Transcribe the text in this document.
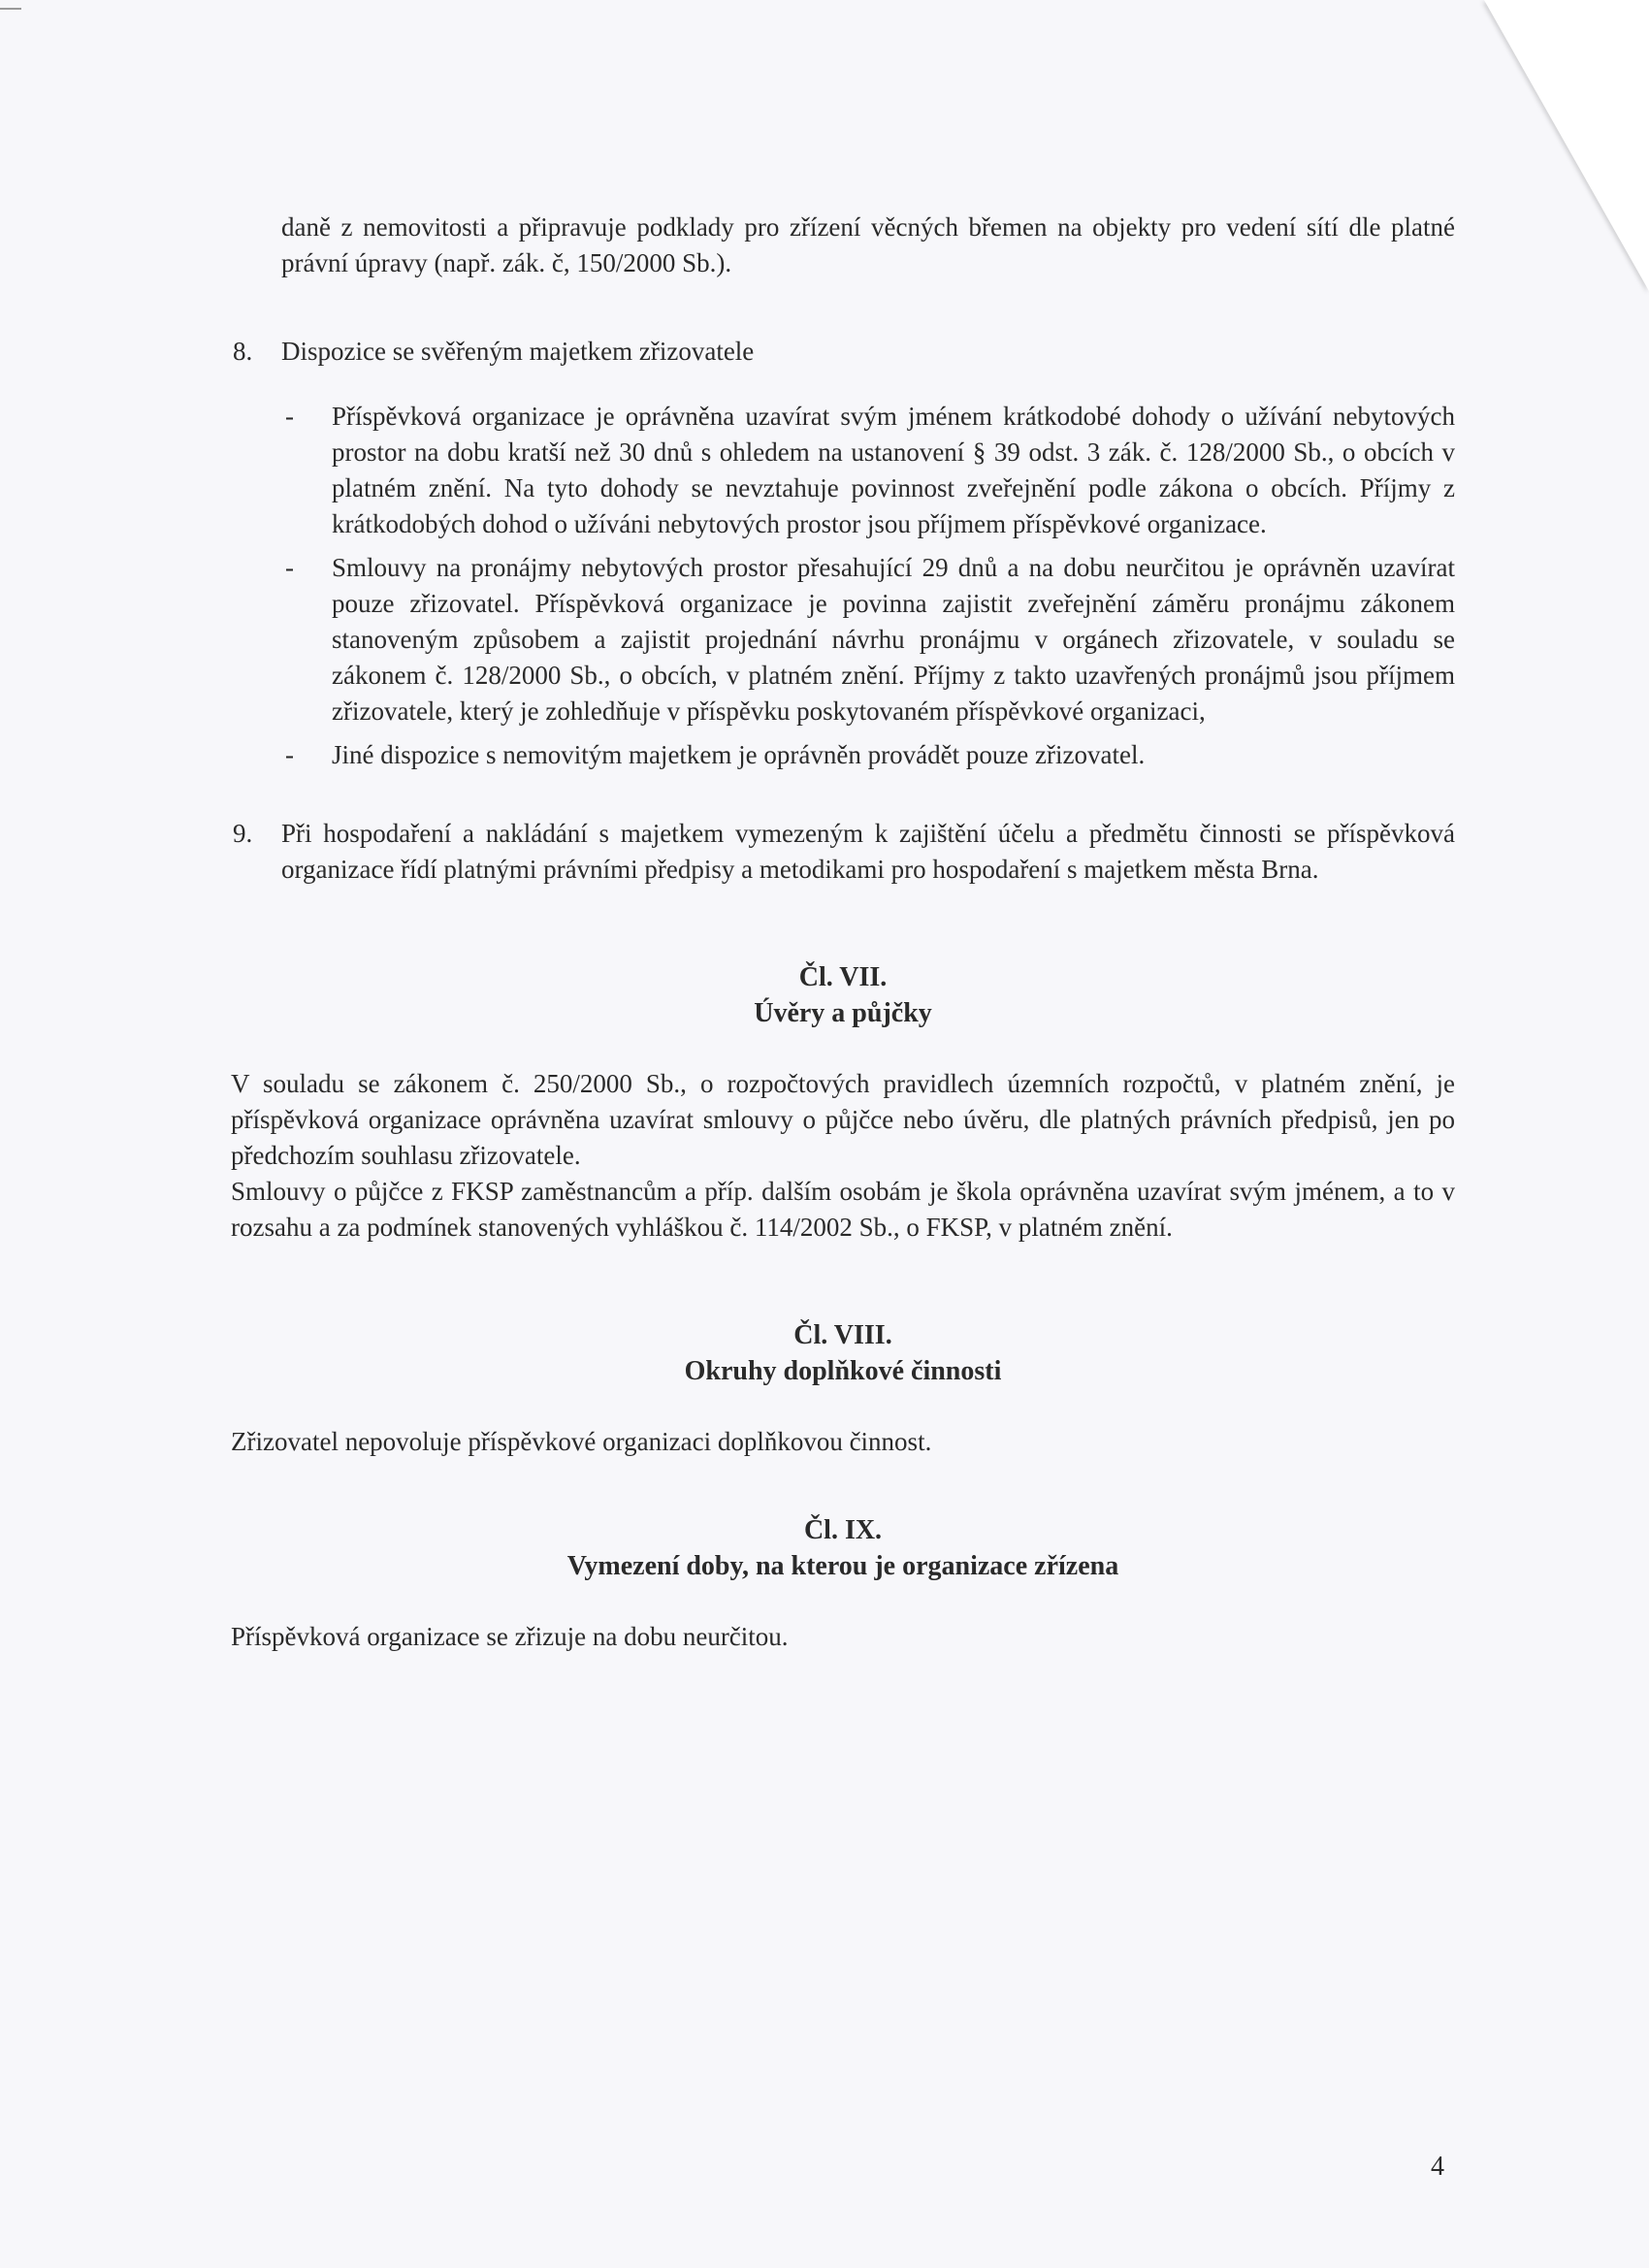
daně z nemovitosti a připravuje podklady pro zřízení věcných břemen na objekty pro vedení sítí dle platné právní úpravy (např. zák. č, 150/2000 Sb.).

8. Dispozice se svěřeným majetkem zřizovatele

- Příspěvková organizace je oprávněna uzavírat svým jménem krátkodobé dohody o užívání nebytových prostor na dobu kratší než 30 dnů s ohledem na ustanovení § 39 odst. 3 zák. č. 128/2000 Sb., o obcích v platném znění. Na tyto dohody se nevztahuje povinnost zveřejnění podle zákona o obcích. Příjmy z krátkodobých dohod o užíváni nebytových prostor jsou příjmem příspěvkové organizace.
- Smlouvy na pronájmy nebytových prostor přesahující 29 dnů a na dobu neurčitou je oprávněn uzavírat pouze zřizovatel. Příspěvková organizace je povinna zajistit zveřejnění záměru pronájmu zákonem stanoveným způsobem a zajistit projednání návrhu pronájmu v orgánech zřizovatele, v souladu se zákonem č. 128/2000 Sb., o obcích, v platném znění. Příjmy z takto uzavřených pronájmů jsou příjmem zřizovatele, který je zohledňuje v příspěvku poskytovaném příspěvkové organizaci,
- Jiné dispozice s nemovitým majetkem je oprávněn provádět pouze zřizovatel.
9. Při hospodaření a nakládání s majetkem vymezeným k zajištění účelu a předmětu činnosti se příspěvková organizace řídí platnými právními předpisy a metodikami pro hospodaření s majetkem města Brna.

Čl. VII.
Úvěry a půjčky

V souladu se zákonem č. 250/2000 Sb., o rozpočtových pravidlech územních rozpočtů, v platném znění, je příspěvková organizace oprávněna uzavírat smlouvy o půjčce nebo úvěru, dle platných právních předpisů, jen po předchozím souhlasu zřizovatele.

Smlouvy o půjčce z FKSP zaměstnancům a příp. dalším osobám je škola oprávněna uzavírat svým jménem, a to v rozsahu a za podmínek stanovených vyhláškou č. 114/2002 Sb., o FKSP, v platném znění.

Čl. VIII.
Okruhy doplňkové činnosti

Zřizovatel nepovoluje příspěvkové organizaci doplňkovou činnost.

Čl. IX.
Vymezení doby, na kterou je organizace zřízena

Příspěvková organizace se zřizuje na dobu neurčitou.

4
